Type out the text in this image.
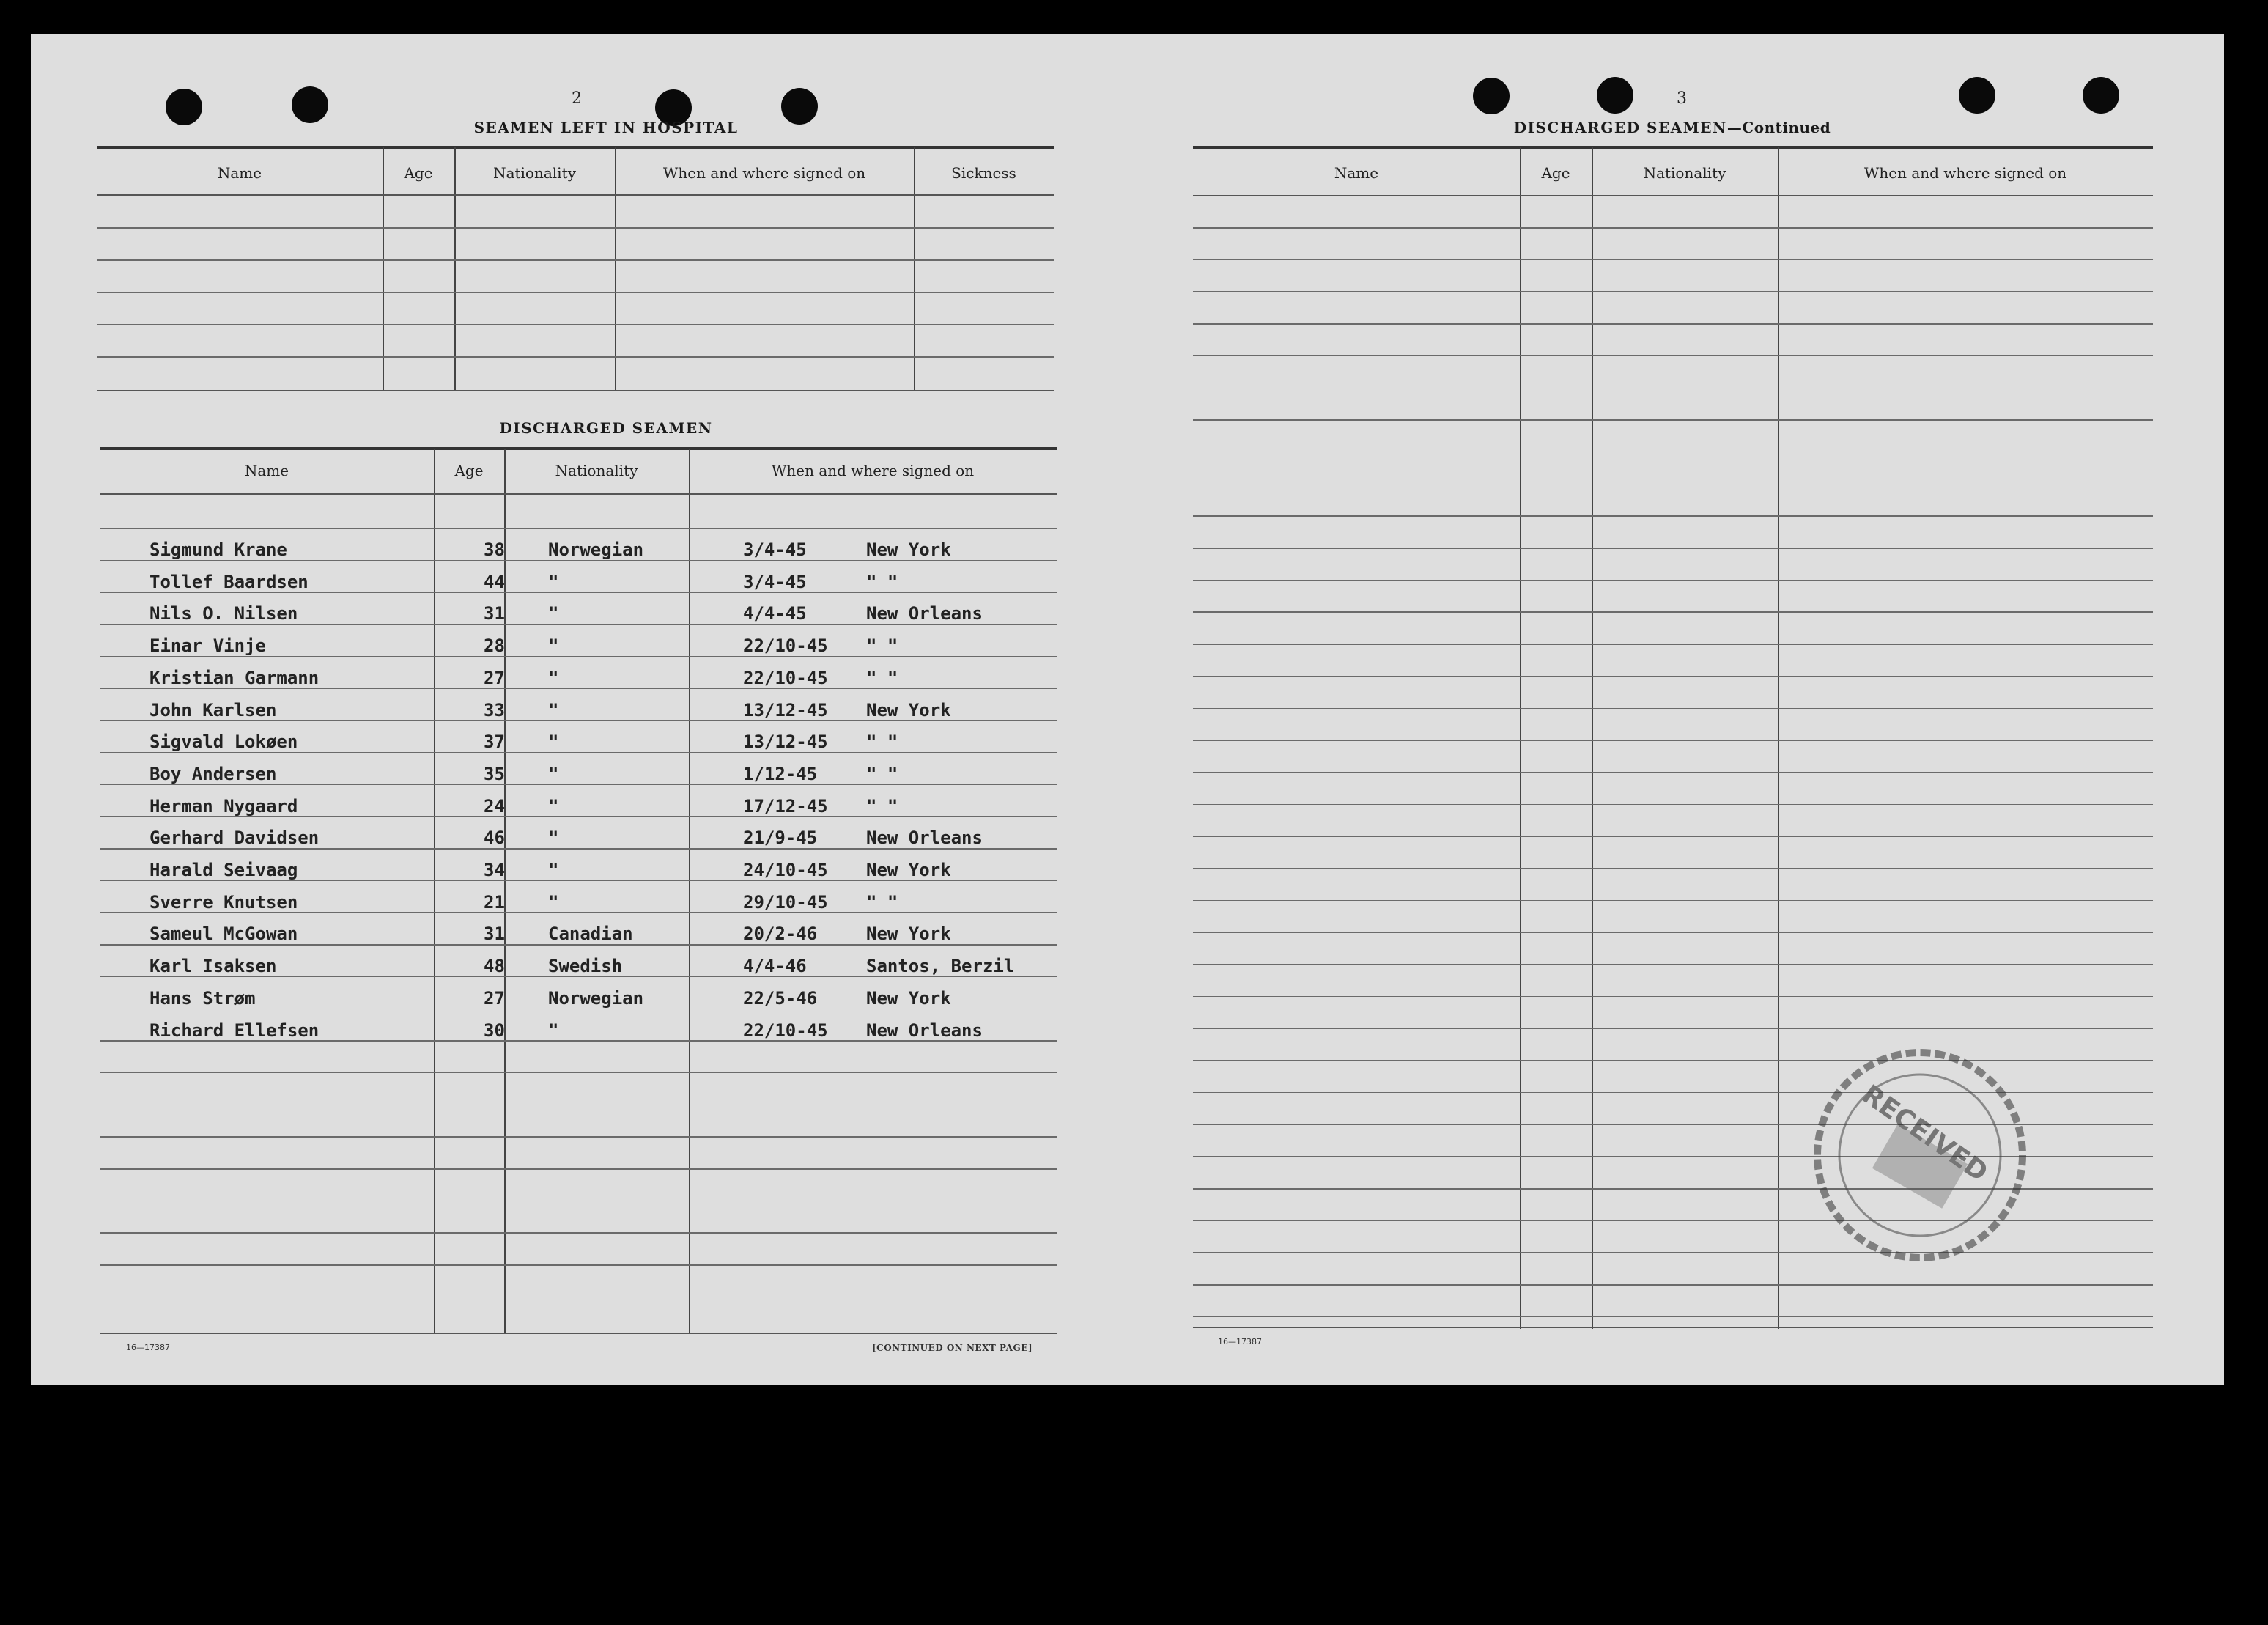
2
SEAMEN LEFT IN HOSPITAL
Name	Age	Nationality	When and where signed on	Sickness
DISCHARGED SEAMEN
Name	Age	Nationality	When and where signed on
Sigmund Krane	38 Norwegian	3/4-45	New York
Tollef Baardsen	44 "	3/4-45	" "
Nils O. Nilsen	31 "	4/4-45	New Orleans
Einar Vinje	28 "	22/10-45 " "
Kristian Garmann	27 "	22/10-45 " "
John Karlsen	33 "	13/12-45 New York
Sigvald Lokøen	37 "	13/12-45 " "
Boy Andersen	35 "	1/12-45	" "
Herman Nygaard	24 "	17/12-45 " "
Gerhard Davidsen	46 "	21/9-45	New Orleans
Harald Seivaag	34 "	24/10-45 New York
Sverre Knutsen	21 "	29/10-45 " "
Sameul McGowan	31 Canadian	20/2-46	New York
Karl Isaksen	48 Swedish	4/4-46	Santos, Berzil
Hans Strøm	27 Norwegian	22/5-46	New York
Richard Ellefsen	30 "	22/10-45 New Orleans
16—17387	[CONTINUED ON NEXT PAGE]
3
DISCHARGED SEAMEN—Continued
Name	Age	Nationality	When and where signed on
16—17387
RECEIVED
